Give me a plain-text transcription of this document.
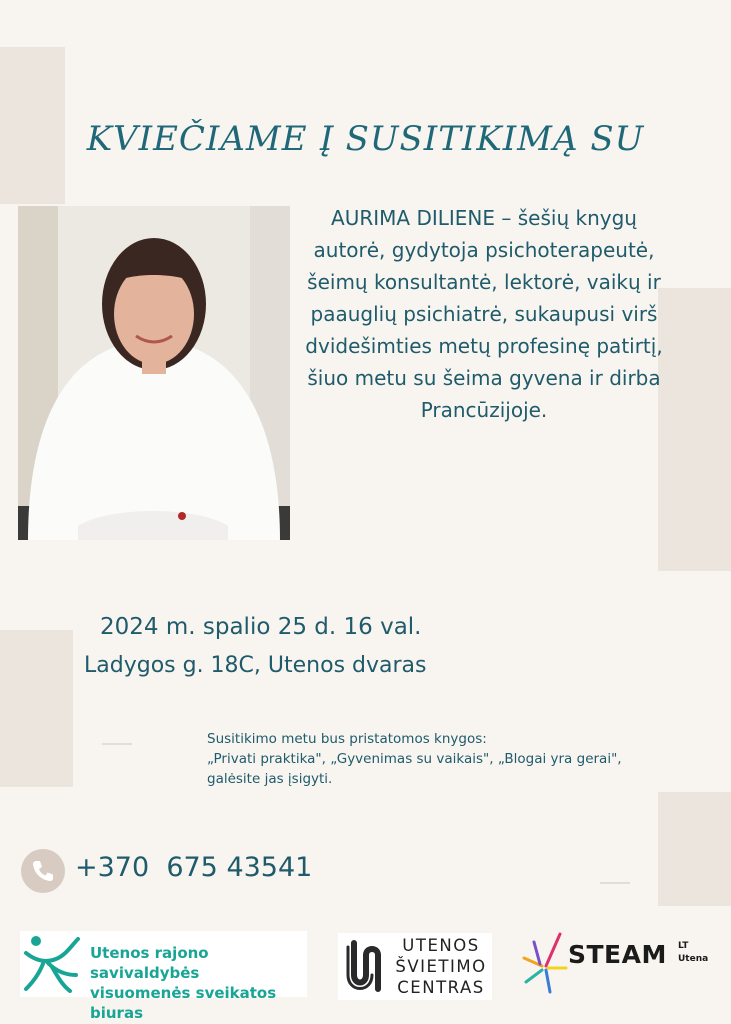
KVIEČIAME Į SUSITIKIMĄ SU
AURIMA DILIENE – šešių knygų autorė, gydytoja psichoterapeutė, šeimų konsultantė, lektorė, vaikų ir paauglių psichiatrė, sukaupusi virš dvidešimties metų profesinę patirtį, šiuo metu su šeima gyvena ir dirba Prancūzijoje.
2024 m. spalio 25 d. 16 val.
Ladygos g. 18C, Utenos dvaras
Susitikimo metu bus pristatomos knygos:
„Privati praktika", „Gyvenimas su vaikais", „Blogai yra gerai",
galėsite jas įsigyti.
+370  675 43541
Utenos rajono savivaldybės
visuomenės sveikatos biuras
UTENOS
ŠVIETIMO
CENTRAS
STEAM LT
Utena
